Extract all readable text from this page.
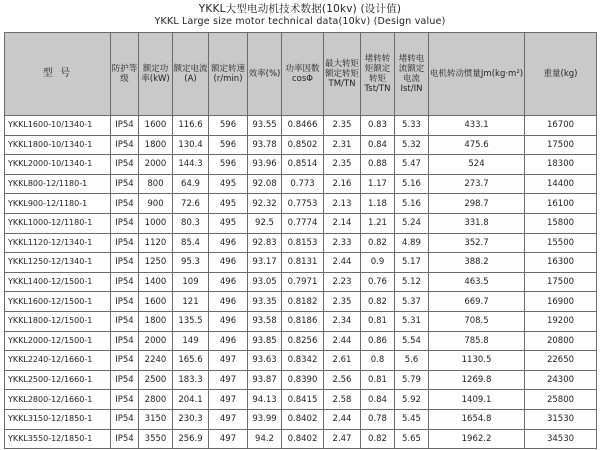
YKKL大型电动机技术数据(10kv) (设计值)
YKKL Large size motor technical data(10kv) (Design value)
型 号	防护等级	额定功率(kW)	额定电流(A)	额定转速(r/min)	效率(%)	功率因数cosΦ	最大转矩额定转矩TM/TN	堵转转矩额定转矩Tst/TN	堵转电流额定电流Ist/IN	电机转动惯量Jm(kg·m²)	重量(kg)
YKKL1600-10/1340-1	IP54	1600	116.6	596	93.55	0.8466	2.35	0.83	5.33	433.1	16700
YKKL1800-10/1340-1	IP54	1800	130.4	596	93.78	0.8502	2.31	0.84	5.32	475.6	17500
YKKL2000-10/1340-1	IP54	2000	144.3	596	93.96	0.8514	2.35	0.88	5.47	524	18300
YKKL800-12/1180-1	IP54	800	64.9	495	92.08	0.773	2.16	1.17	5.16	273.7	14400
YKKL900-12/1180-1	IP54	900	72.6	495	92.32	0.7753	2.13	1.18	5.16	298.7	16100
YKKL1000-12/1180-1	IP54	1000	80.3	495	92.5	0.7774	2.14	1.21	5.24	331.8	15800
YKKL1120-12/1340-1	IP54	1120	85.4	496	92.83	0.8153	2.33	0.82	4.89	352.7	15500
YKKL1250-12/1340-1	IP54	1250	95.3	496	93.17	0.8131	2.44	0.9	5.17	388.2	16300
YKKL1400-12/1500-1	IP54	1400	109	496	93.05	0.7971	2.23	0.76	5.12	463.5	17500
YKKL1600-12/1500-1	IP54	1600	121	496	93.35	0.8182	2.35	0.82	5.37	669.7	16900
YKKL1800-12/1500-1	IP54	1800	135.5	496	93.58	0.8186	2.34	0.81	5.31	708.5	19200
YKKL2000-12/1500-1	IP54	2000	149	496	93.85	0.8256	2.44	0.86	5.54	785.8	20800
YKKL2240-12/1660-1	IP54	2240	165.6	497	93.63	0.8342	2.61	0.8	5.6	1130.5	22650
YKKL2500-12/1660-1	IP54	2500	183.3	497	93.87	0.8390	2.56	0.81	5.79	1269.8	24300
YKKL2800-12/1660-1	IP54	2800	204.1	497	94.13	0.8415	2.58	0.84	5.92	1409.1	25800
YKKL3150-12/1850-1	IP54	3150	230.3	497	93.99	0.8402	2.44	0.78	5.45	1654.8	31530
YKKL3550-12/1850-1	IP54	3550	256.9	497	94.2	0.8402	2.47	0.82	5.65	1962.2	34530
